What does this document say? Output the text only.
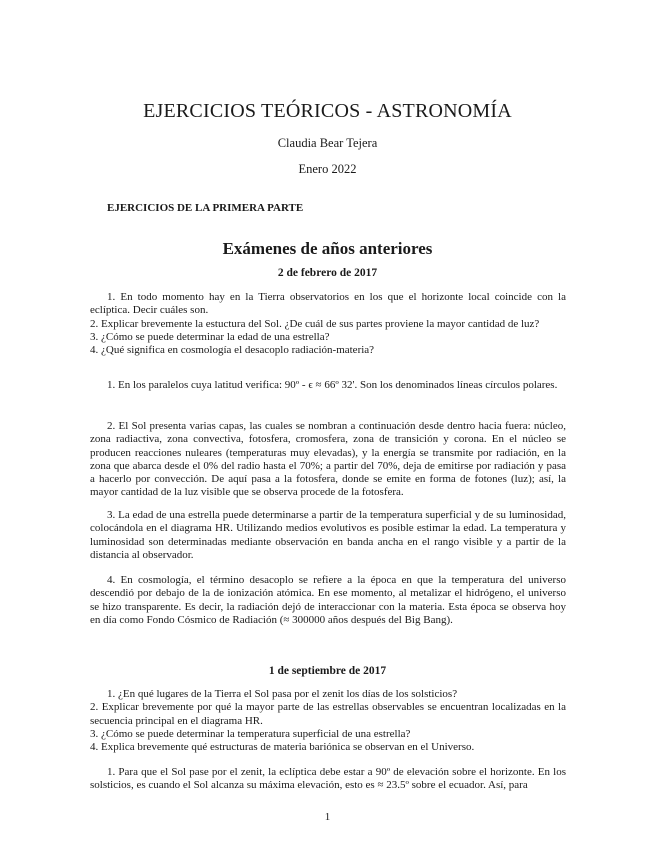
EJERCICIOS TEÓRICOS - ASTRONOMÍA
Claudia Bear Tejera
Enero 2022
EJERCICIOS DE LA PRIMERA PARTE
Exámenes de años anteriores
2 de febrero de 2017
1. En todo momento hay en la Tierra observatorios en los que el horizonte local coincide con la eclíptica. Decir cuáles son.
2. Explicar brevemente la estuctura del Sol. ¿De cuál de sus partes proviene la mayor cantidad de luz?
3. ¿Cómo se puede determinar la edad de una estrella?
4. ¿Qué significa en cosmología el desacoplo radiación-materia?
1. En los paralelos cuya latitud verifica: 90º - ϵ ≈ 66º 32'. Son los denominados líneas círculos polares.
2. El Sol presenta varias capas, las cuales se nombran a continuación desde dentro hacia fuera: núcleo, zona radiactiva, zona convectiva, fotosfera, cromosfera, zona de transición y corona. En el núcleo se producen reacciones nuleares (temperaturas muy elevadas), y la energía se transmite por radiación, en la zona que abarca desde el 0% del radio hasta el 70%; a partir del 70%, deja de emitirse por radiación y pasa a hacerlo por convección. De aquí pasa a la fotosfera, donde se emite en forma de fotones (luz); así, la mayor cantidad de la luz visible que se observa procede de la fotosfera.
3. La edad de una estrella puede determinarse a partir de la temperatura superficial y de su luminosidad, colocándola en el diagrama HR. Utilizando medios evolutivos es posible estimar la edad. La temperatura y luminosidad son determinadas mediante observación en banda ancha en el rango visible y a partir de la distancia al observador.
4. En cosmología, el término desacoplo se refiere a la época en que la temperatura del universo descendió por debajo de la de ionización atómica. En ese momento, al metalizar el hidrógeno, el universo se hizo transparente. Es decir, la radiación dejó de interaccionar con la materia. Esta época se observa hoy en día como Fondo Cósmico de Radiación (≈ 300000 años después del Big Bang).
1 de septiembre de 2017
1. ¿En qué lugares de la Tierra el Sol pasa por el zenit los días de los solsticios?
2. Explicar brevemente por qué la mayor parte de las estrellas observables se encuentran localizadas en la secuencia principal en el diagrama HR.
3. ¿Cómo se puede determinar la temperatura superficial de una estrella?
4. Explica brevemente qué estructuras de materia bariónica se observan en el Universo.
1. Para que el Sol pase por el zenit, la eclíptica debe estar a 90º de elevación sobre el horizonte. En los solsticios, es cuando el Sol alcanza su máxima elevación, esto es ≈ 23.5º sobre el ecuador. Así, para
1
